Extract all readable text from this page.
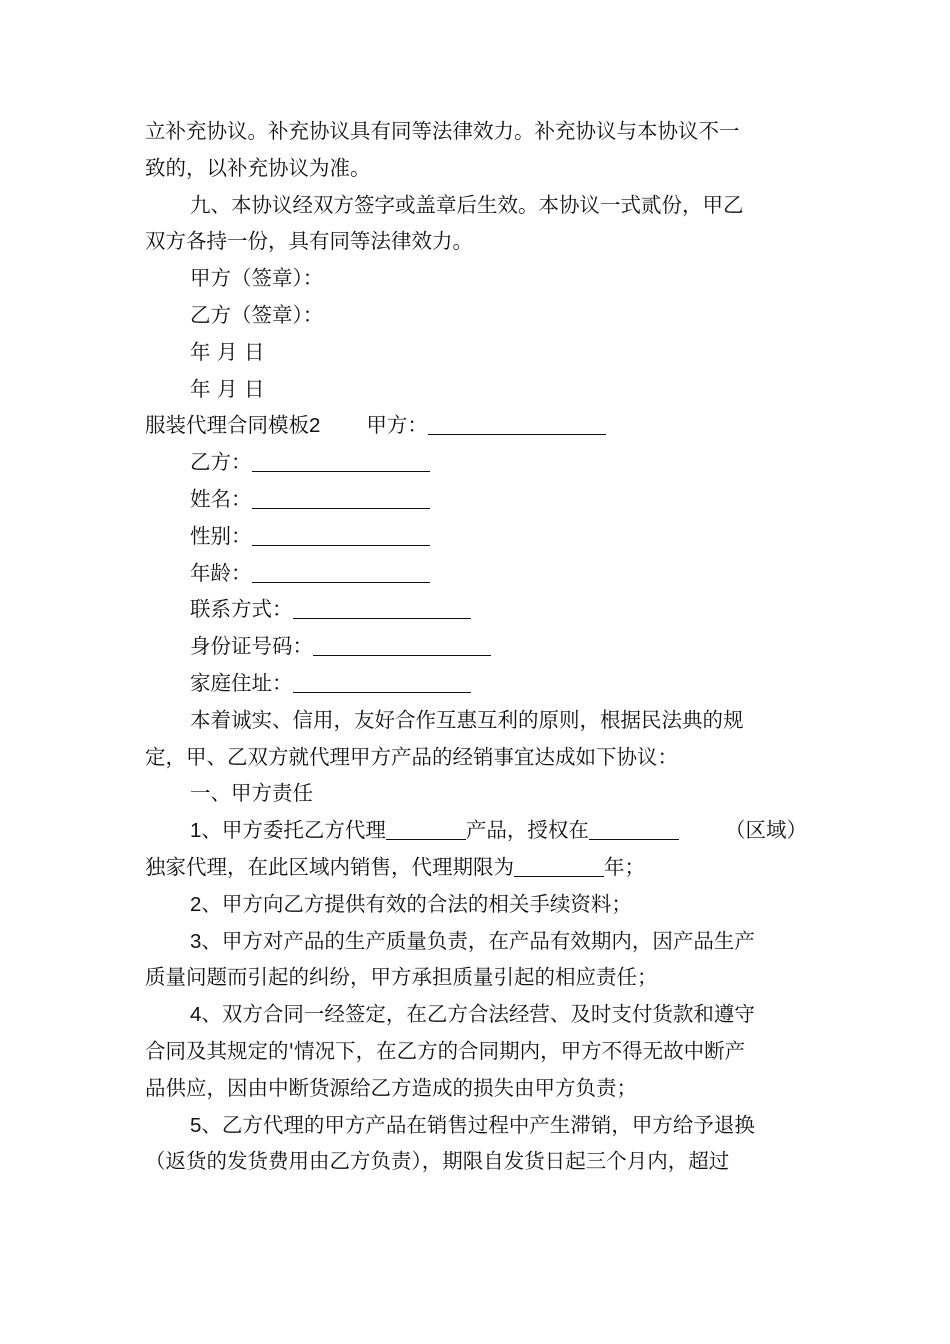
立补充协议。补充协议具有同等法律效力。补充协议与本协议不一
致的，以补充协议为准。
九、本协议经双方签字或盖章后生效。本协议一式贰份，甲乙
双方各持一份，具有同等法律效力。
甲方（签章）：
乙方（签章）：
年 月 日
年 月 日
服装代理合同模板2 甲方：
乙方：
姓名：
性别：
年龄：
联系方式：
身份证号码：
家庭住址：
本着诚实、信用，友好合作互惠互利的原则，根据民法典的规
定，甲、乙双方就代理甲方产品的经销事宜达成如下协议：
一、甲方责任
1、甲方委托乙方代理	产品，授权在	（区域）
独家代理，在此区域内销售，代理期限为	年；
2、甲方向乙方提供有效的合法的相关手续资料；
3、甲方对产品的生产质量负责，在产品有效期内，因产品生产
质量问题而引起的纠纷，甲方承担质量引起的相应责任；
4、双方合同一经签定，在乙方合法经营、及时支付货款和遵守
合同及其规定的'情况下，在乙方的合同期内，甲方不得无故中断产
品供应，因由中断货源给乙方造成的损失由甲方负责；
5、乙方代理的甲方产品在销售过程中产生滞销，甲方给予退换
（返货的发货费用由乙方负责），期限自发货日起三个月内，超过
